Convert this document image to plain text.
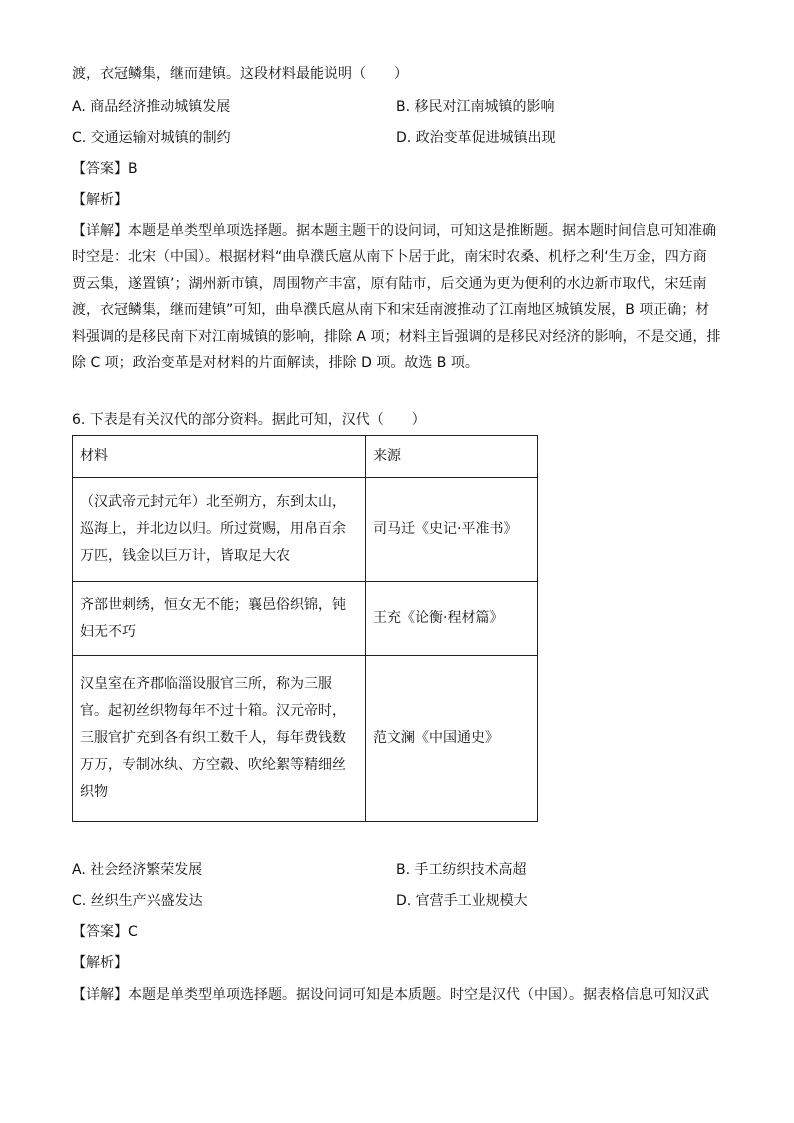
渡，衣冠鳞集，继而建镇。这段材料最能说明（　　）
A. 商品经济推动城镇发展	B. 移民对江南城镇的影响
C. 交通运输对城镇的制约	D. 政治变革促进城镇出现
【答案】B
【解析】
【详解】本题是单类型单项选择题。据本题主题干的设问词，可知这是推断题。据本题时间信息可知准确
时空是：北宋（中国）。根据材料“曲阜濮氏扈从南下卜居于此，南宋时农桑、机杼之利‘生万金，四方商
贾云集，遂置镇’；湖州新市镇，周围物产丰富，原有陆市，后交通为更为便利的水边新市取代，宋廷南
渡，衣冠鳞集，继而建镇”可知，曲阜濮氏扈从南下和宋廷南渡推动了江南地区城镇发展，B 项正确；材
料强调的是移民南下对江南城镇的影响，排除 A 项；材料主旨强调的是移民对经济的影响，不是交通，排
除 C 项；政治变革是对材料的片面解读，排除 D 项。故选 B 项。
6. 下表是有关汉代的部分资料。据此可知，汉代（　　）
材料	来源

（汉武帝元封元年）北至朔方，东到太山，
巡海上，并北边以归。所过赏赐，用帛百余
万匹，钱金以巨万计，皆取足大农	司马迁《史记·平准书》

齐部世刺绣，恒女无不能；襄邑俗织锦，钝
妇无不巧	王充《论衡·程材篇》

汉皇室在齐郡临淄设服官三所，称为三服
官。起初丝织物每年不过十箱。汉元帝时，
三服官扩充到各有织工数千人，每年费钱数
万万，专制冰纨、方空縠、吹纶絮等精细丝
织物	范文澜《中国通史》
A. 社会经济繁荣发展	B. 手工纺织技术高超
C. 丝织生产兴盛发达	D. 官营手工业规模大
【答案】C
【解析】
【详解】本题是单类型单项选择题。据设问词可知是本质题。时空是汉代（中国）。据表格信息可知汉武
